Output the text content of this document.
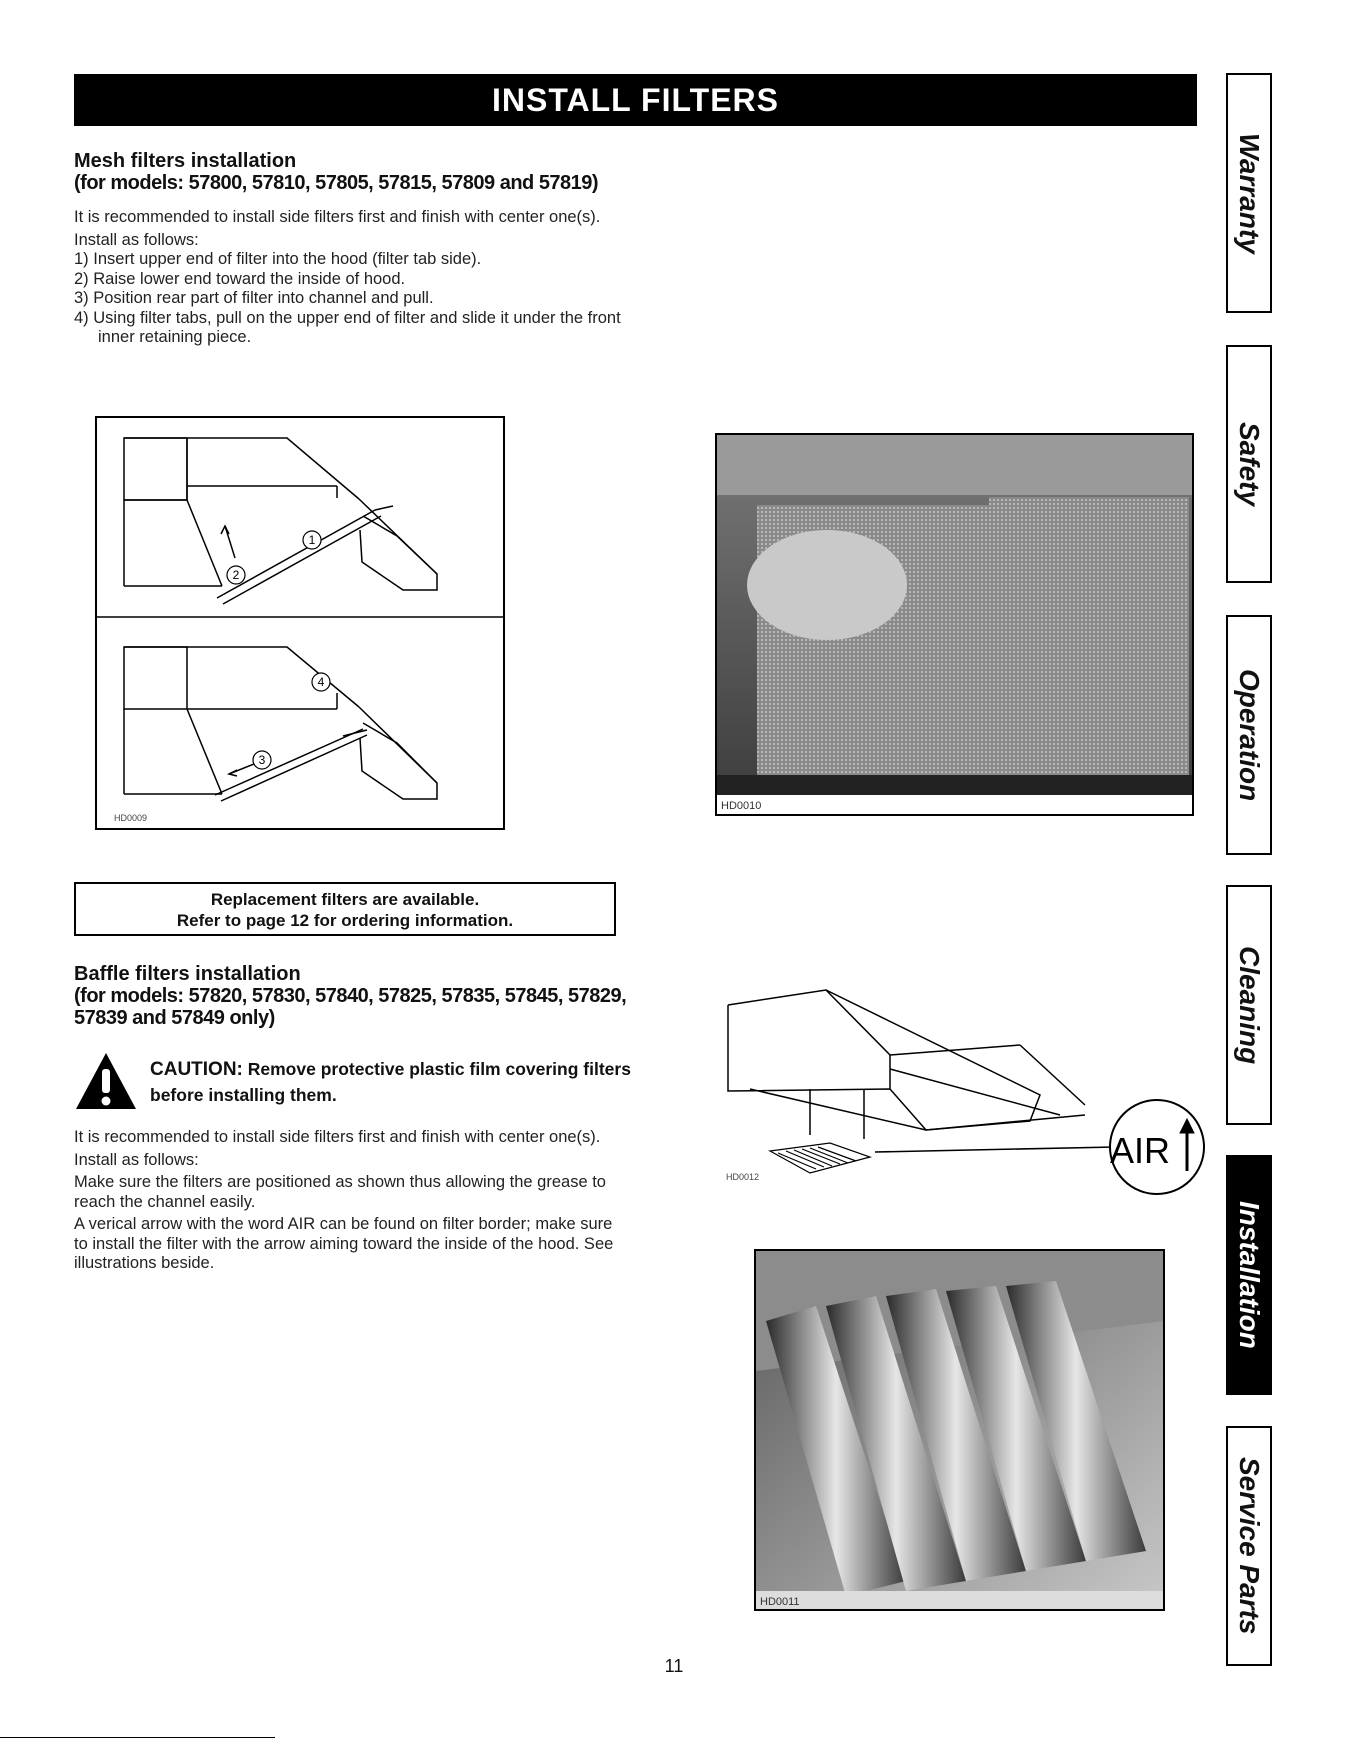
INSTALL FILTERS
Mesh filters installation
(for models: 57800, 57810, 57805, 57815, 57809 and 57819)

It is recommended to install side filters first and finish with center one(s).

Install as follows:

1) Insert upper end of filter into the hood (filter tab side).
2) Raise lower end toward the inside of hood.
3) Position rear part of filter into channel and pull.
4) Using filter tabs, pull on the upper end of filter and slide it under the front inner retaining piece.
1
2
4
3
HD0009
HD0010
Replacement filters are available.
Refer to page 12 for ordering information.
Baffle filters installation
(for models: 57820, 57830, 57840, 57825, 57835, 57845, 57829, 57839 and 57849 only)
CAUTION: Remove protective plastic film covering filters before installing them.

It is recommended to install side filters first and finish with center one(s).

Install as follows:

Make sure the filters are positioned as shown thus allowing the grease to reach the channel easily.

A verical arrow with the word AIR can be found on filter border; make sure to install the filter with the arrow aiming toward the inside of the hood. See illustrations beside.

AIR
HD0012
HD0011
Warranty
Safety
Operation
Cleaning
Installation
Service Parts
11
